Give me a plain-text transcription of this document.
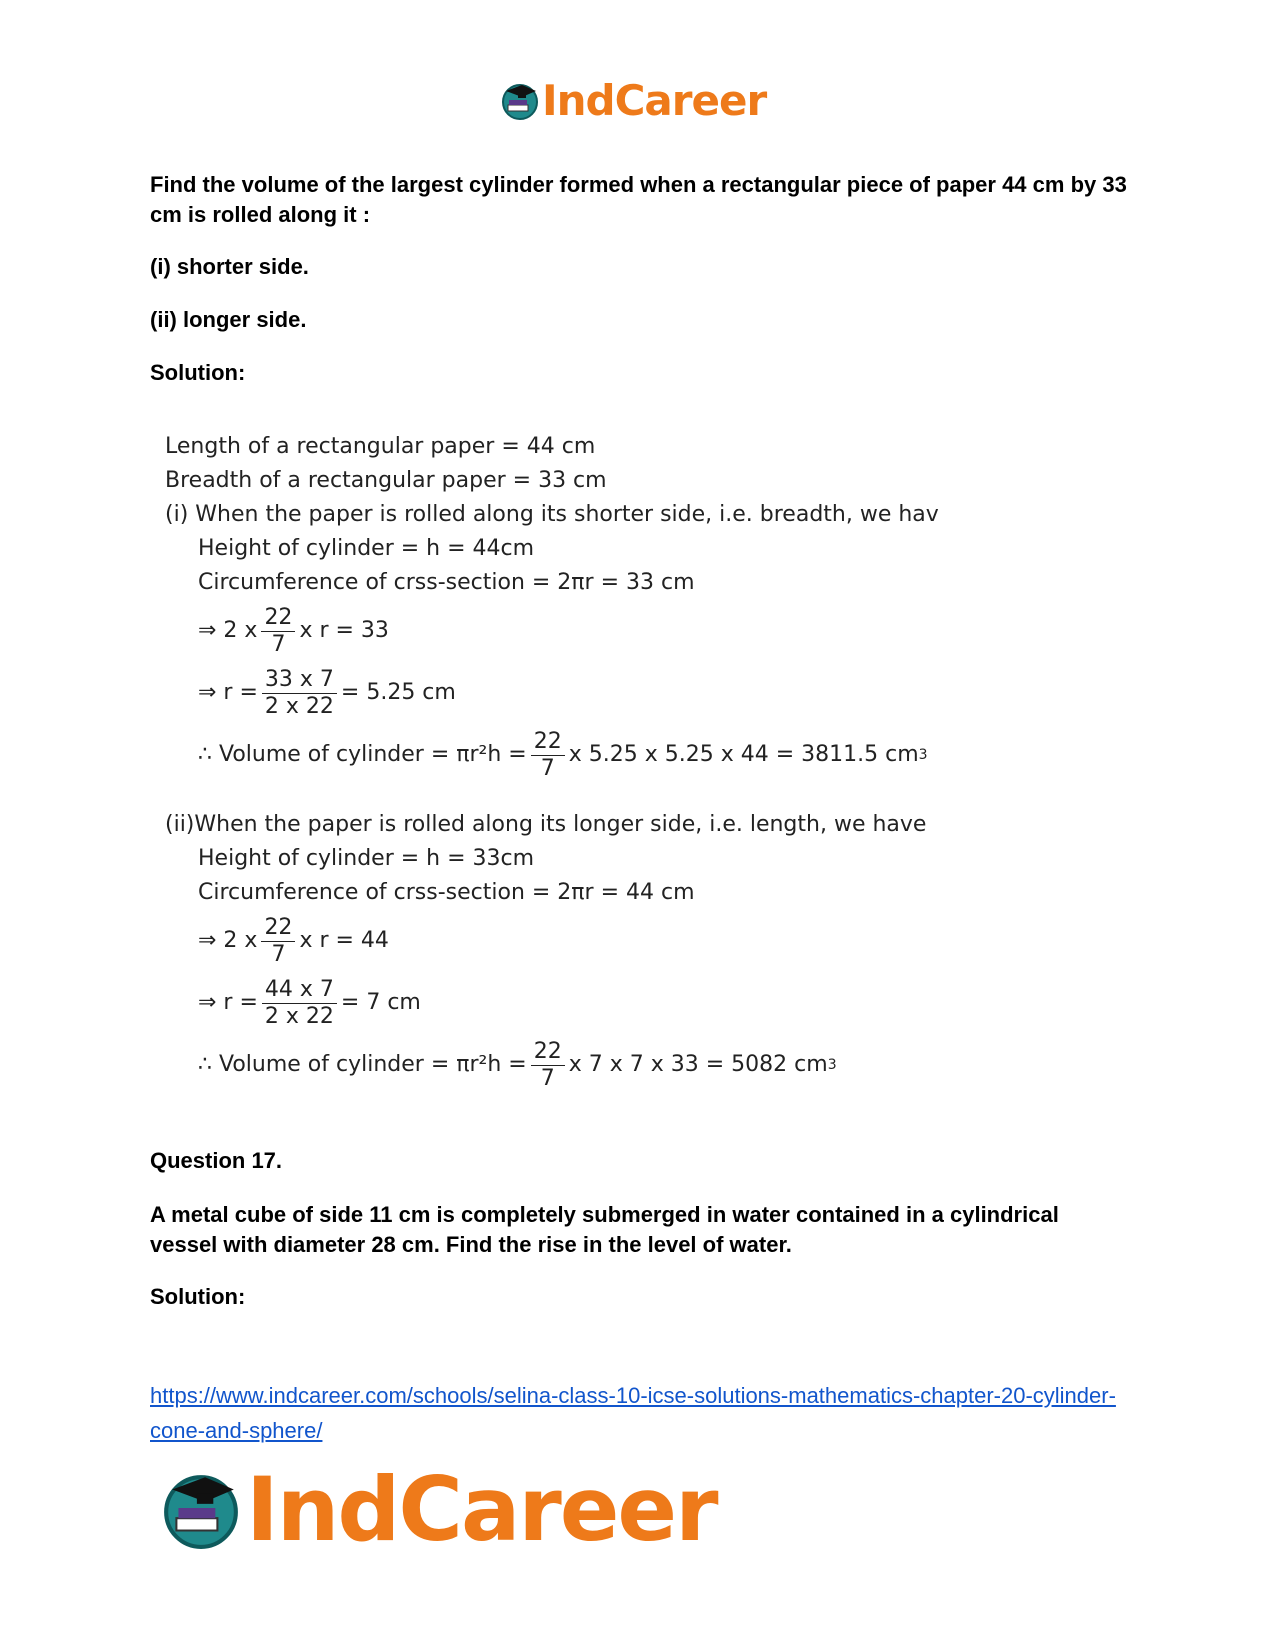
IndCareer

Find the volume of the largest cylinder formed when a rectangular piece of paper 44 cm by 33 cm is rolled along it :

(i) shorter side.

(ii) longer side.

Solution:

Length of a rectangular paper = 44 cm
Breadth of a rectangular paper = 33 cm
(i) When the paper is rolled along its shorter side, i.e. breadth, we hav
Height of cylinder = h = 44cm
Circumference of crss-section = 2πr = 33 cm
⇒ 2 x $\frac{22}{7}$ x r = 33
⇒ $r = \frac{33 x 7}{2 x 22} = 5.25$ cm
∴ Volume of cylinder = $\pi r^2h = \frac{22}{7}$ x 5.25 x 5.25 x 44 = 3811.5 cm 3
(ii)When the paper is rolled along its longer side, i.e. length, we have
Height of cylinder = h = 33cm
Circumference of crss-section = 2πr = 44 cm
⇒ 2 x $\frac{22}{7}$ x r = 44
⇒ $r = \frac{44 x 7}{2 x 22} = 7$ cm
∴ Volume of cylinder = $\pi r^2h = \frac{22}{7}$ x 7 x 7 x 33 = 5082 cm 3

Question 17.

A metal cube of side 11 cm is completely submerged in water contained in a cylindrical vessel with diameter 28 cm. Find the rise in the level of water.

Solution:

https://www.indcareer.com/schools/selina-class-10-icse-solutions-mathematics-chapter-20-cylinder-cone-and-sphere/

IndCareer
